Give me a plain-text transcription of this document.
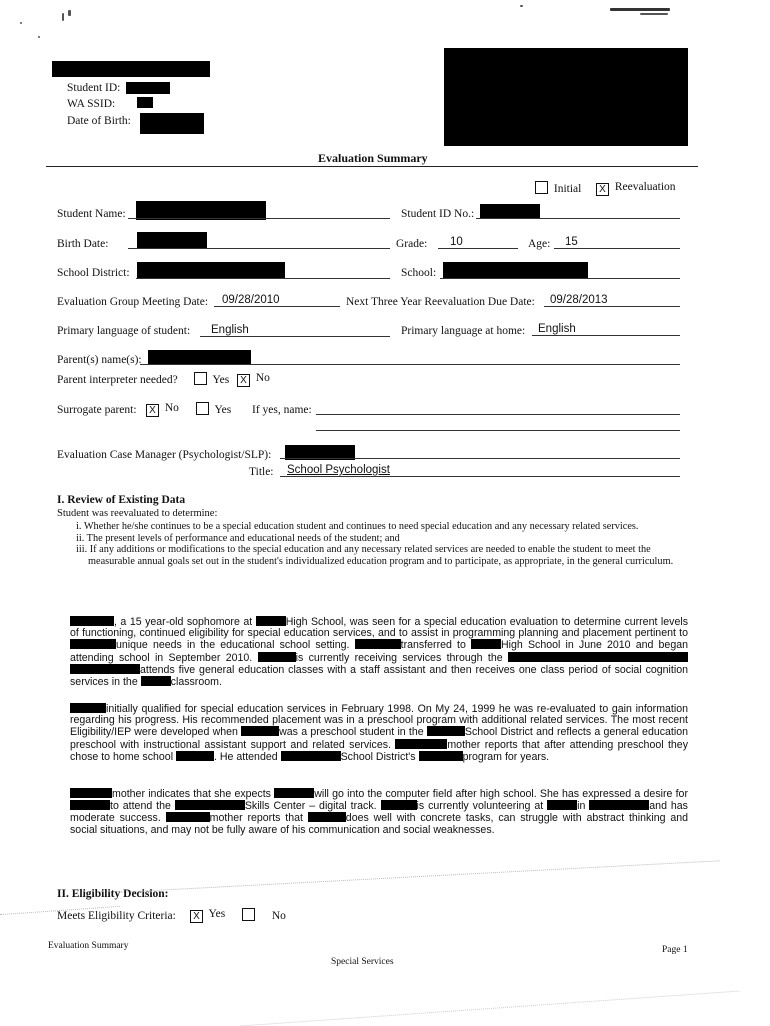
Student ID:
WA SSID:
Date of Birth:
Evaluation Summary
Initial	X Reevaluation
Student Name:	Student ID No.:
Birth Date:	Grade: 10	Age: 15
School District:	School:
Evaluation Group Meeting Date: 09/28/2010	Next Three Year Reevaluation Due Date: 09/28/2013
Primary language of student: English	Primary language at home: English
Parent(s) name(s):
Parent interpreter needed?	Yes	X No
Surrogate parent:	X No	Yes If yes, name:
Evaluation Case Manager (Psychologist/SLP):
Title: School Psychologist
I. Review of Existing Data
Student was reevaluated to determine:
i. Whether he/she continues to be a special education student and continues to need special education and any necessary related services.
ii. The present levels of performance and educational needs of the student; and
iii. If any additions or modifications to the special education and any necessary related services are needed to enable the student to meet the measurable annual goals set out in the student's individualized education program and to participate, as appropriate, in the general curriculum.
, a 15 year-old sophomore at	High School, was seen for a special education evaluation to determine current levels of functioning, continued eligibility for special education services, and to assist in programming planning and placement pertinent to unique needs in the educational school setting.	transferred to	High School in June 2010 and began attending school in September 2010.	is currently receiving services through the  attends five general education classes with a staff assistant and then receives one class period of social cognition services in the	classroom.
initially qualified for special education services in February 1998. On My 24, 1999 he was re-evaluated to gain information regarding his progress. His recommended placement was in a preschool program with additional related services. The most recent Eligibility/IEP were developed when	was a preschool student in the	School District and reflects a general education preschool with instructional assistant support and related services.	mother reports that after attending preschool they chose to home school	. He attended	School District's	program for years.
mother indicates that she expects	will go into the computer field after high school. She has expressed a desire for to attend the	Skills Center – digital track.	is currently volunteering at	in	and has moderate success.	mother reports that	does well with concrete tasks, can struggle with abstract thinking and social situations, and may not be fully aware of his communication and social weaknesses.
II. Eligibility Decision:
Meets Eligibility Criteria:	X Yes	No
Evaluation Summary
Special Services
Page 1
